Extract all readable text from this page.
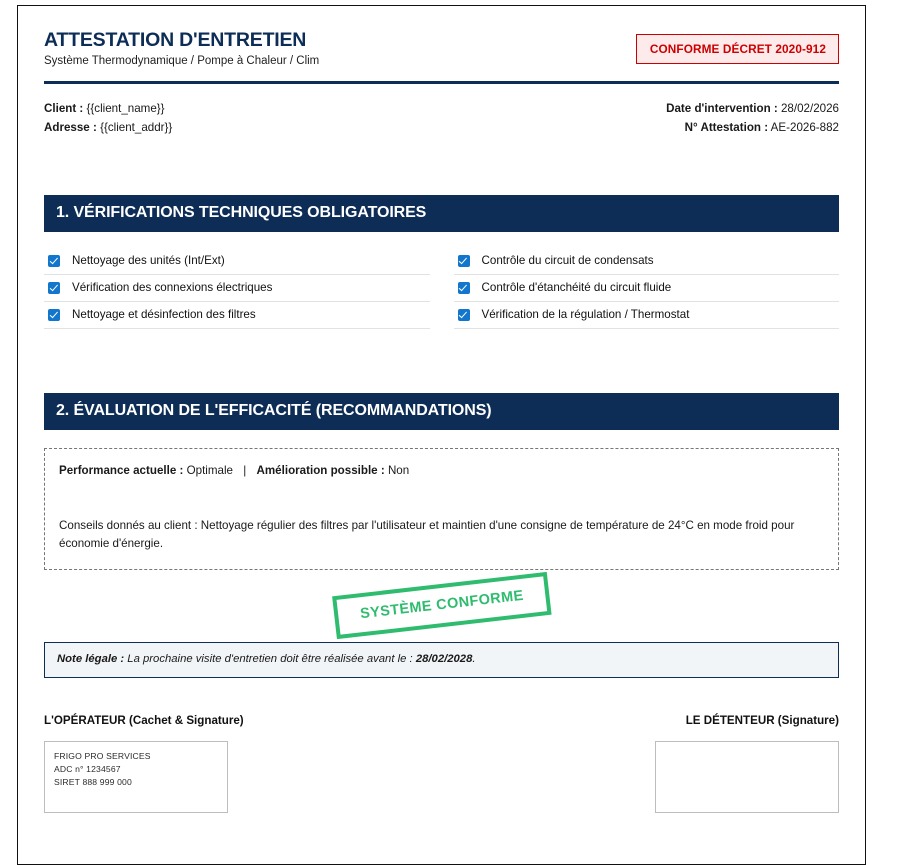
ATTESTATION D'ENTRETIEN
Système Thermodynamique / Pompe à Chaleur / Clim
CONFORME DÉCRET 2020-912
Client : {{client_name}}
Adresse : {{client_addr}}
Date d'intervention : 28/02/2026
N° Attestation : AE-2026-882
1. VÉRIFICATIONS TECHNIQUES OBLIGATOIRES
Nettoyage des unités (Int/Ext)
Vérification des connexions électriques
Nettoyage et désinfection des filtres
Contrôle du circuit de condensats
Contrôle d'étanchéité du circuit fluide
Vérification de la régulation / Thermostat
2. ÉVALUATION DE L'EFFICACITÉ (RECOMMANDATIONS)
Performance actuelle : Optimale | Amélioration possible : Non
Conseils donnés au client : Nettoyage régulier des filtres par l'utilisateur et maintien d'une consigne de température de 24°C en mode froid pour économie d'énergie.
SYSTÈME CONFORME
Note légale : La prochaine visite d'entretien doit être réalisée avant le : 28/02/2028.
L'OPÉRATEUR (Cachet & Signature)	LE DÉTENTEUR (Signature)
FRIGO PRO SERVICES
ADC n° 1234567
SIRET 888 999 000
